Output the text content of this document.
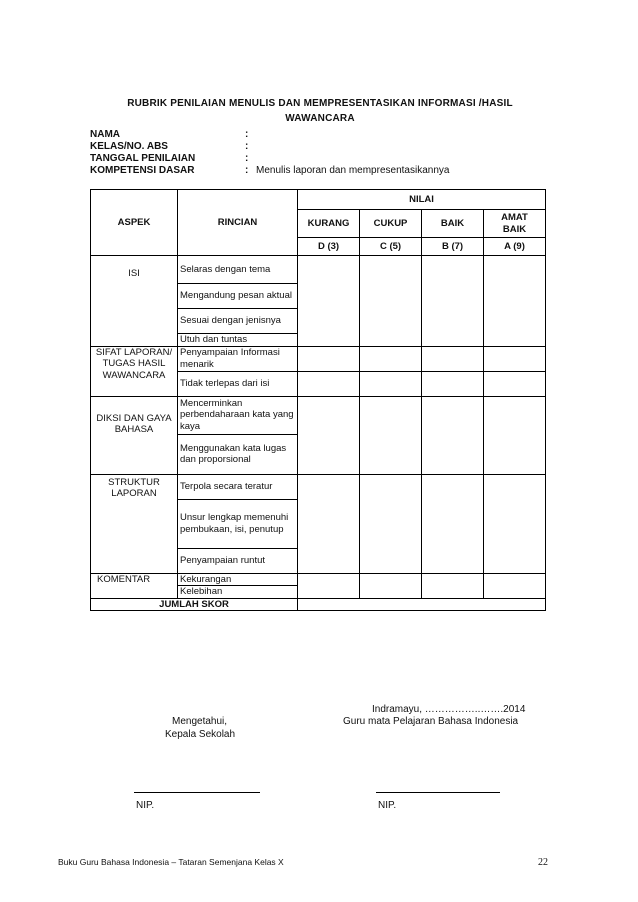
RUBRIK PENILAIAN MENULIS DAN MEMPRESENTASIKAN INFORMASI /HASIL
WAWANCARA
NAMA	:
KELAS/NO. ABS	:
TANGGAL PENILAIAN	:
KOMPETENSI DASAR	: Menulis laporan dan mempresentasikannya
ASPEK	RINCIAN	NILAI			
		KURANG	CUKUP	BAIK	AMAT BAIK
		D (3)	C (5)	B (7)	A (9)
ISI	Selaras dengan tema				
	Mengandung pesan aktual				
	Sesuai dengan jenisnya				
	Utuh dan tuntas				
SIFAT LAPORAN/ TUGAS HASIL WAWANCARA	Penyampaian Informasi menarik				
	Tidak terlepas dari isi				
DIKSI DAN GAYA BAHASA	Mencerminkan perbendaharaan kata yang kaya				
	Menggunakan kata lugas dan proporsional				
STRUKTUR LAPORAN	Terpola secara teratur				
	Unsur lengkap memenuhi pembukaan, isi, penutup				
	Penyampaian runtut				
KOMENTAR	Kekurangan				
	Kelebihan				
JUMLAH SKOR					
Indramayu, ……………..…….2014
Mengetahui,
Kepala Sekolah
Guru mata Pelajaran Bahasa Indonesia
NIP.	NIP.
Buku Guru Bahasa Indonesia – Tataran Semenjana Kelas X	22
